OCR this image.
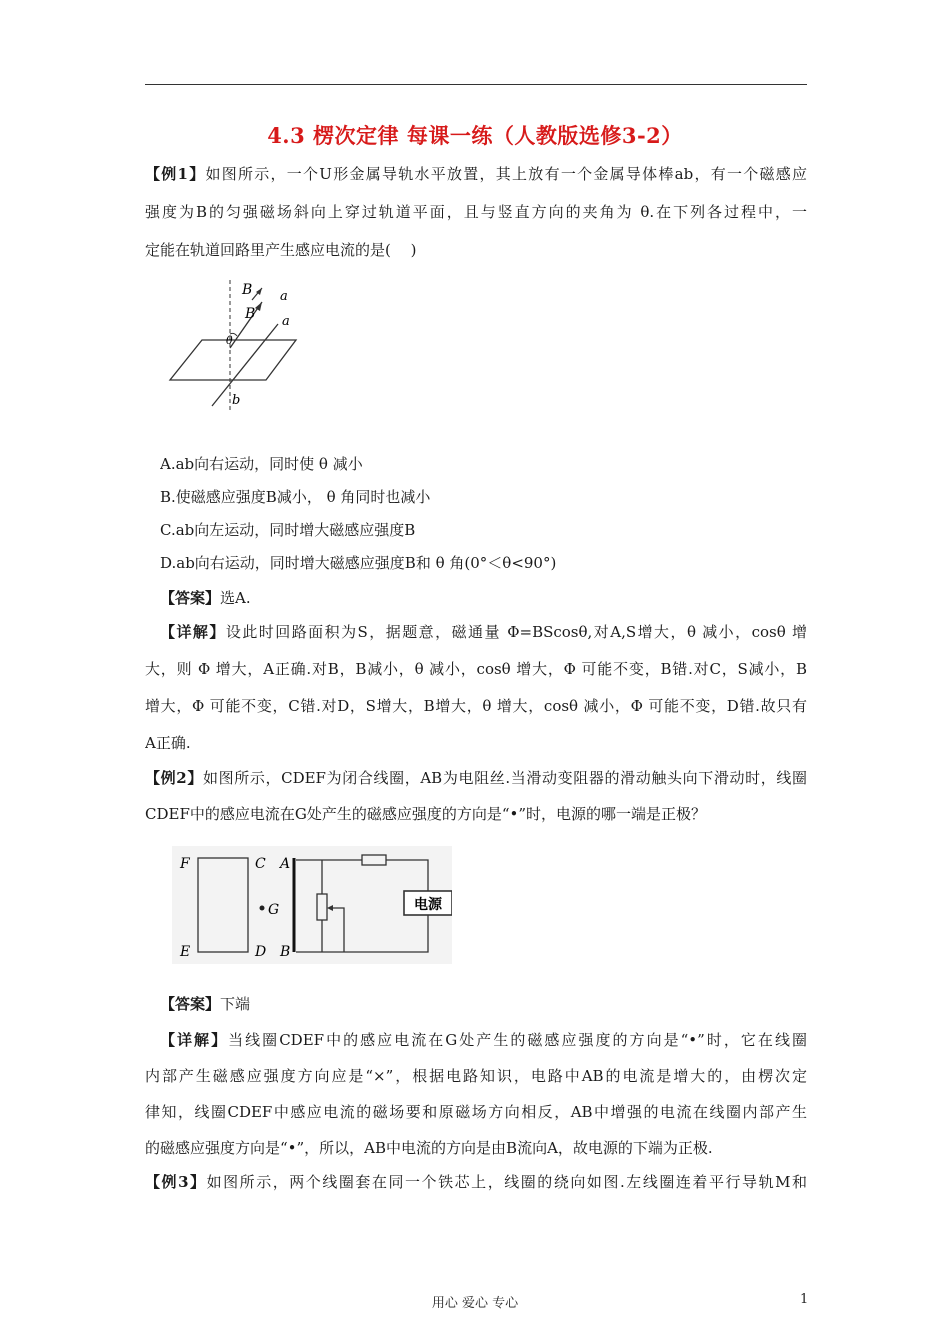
4.3 楞次定律 每课一练（人教版选修3-2）
【例1】如图所示，一个U形金属导轨水平放置，其上放有一个金属导体棒ab，有一个磁感应
强度为B的匀强磁场斜向上穿过轨道平面，且与竖直方向的夹角为 θ.在下列各过程中，一
定能在轨道回路里产生感应电流的是(　 )
B a
B a
θ
b
A.ab向右运动，同时使 θ 减小
B.使磁感应强度B减小， θ 角同时也减小
C.ab向左运动，同时增大磁感应强度B
D.ab向右运动，同时增大磁感应强度B和 θ 角(0°＜θ<90°)
【答案】选A.
【详解】设此时回路面积为S，据题意，磁通量 Φ=BScosθ,对A,S增大，θ 减小，cosθ 增
大，则 Φ 增大，A正确.对B，B减小，θ 减小，cosθ 增大，Φ 可能不变，B错.对C，S减小，B
增大，Φ 可能不变，C错.对D，S增大，B增大，θ 增大，cosθ 减小，Φ 可能不变，D错.故只有
A正确.
【例2】如图所示，CDEF为闭合线圈，AB为电阻丝.当滑动变阻器的滑动触头向下滑动时，线圈
CDEF中的感应电流在G处产生的磁感应强度的方向是“•”时，电源的哪一端是正极？
F	C A
G
E	D B
电源
【答案】下端
【详解】当线圈CDEF中的感应电流在G处产生的磁感应强度的方向是“•”时，它在线圈
内部产生磁感应强度方向应是“×”，根据电路知识，电路中AB的电流是增大的，由楞次定
律知，线圈CDEF中感应电流的磁场要和原磁场方向相反，AB中增强的电流在线圈内部产生
的磁感应强度方向是“•”，所以，AB中电流的方向是由B流向A，故电源的下端为正极.
【例3】如图所示，两个线圈套在同一个铁芯上，线圈的绕向如图.左线圈连着平行导轨M和
用心 爱心 专心	1
